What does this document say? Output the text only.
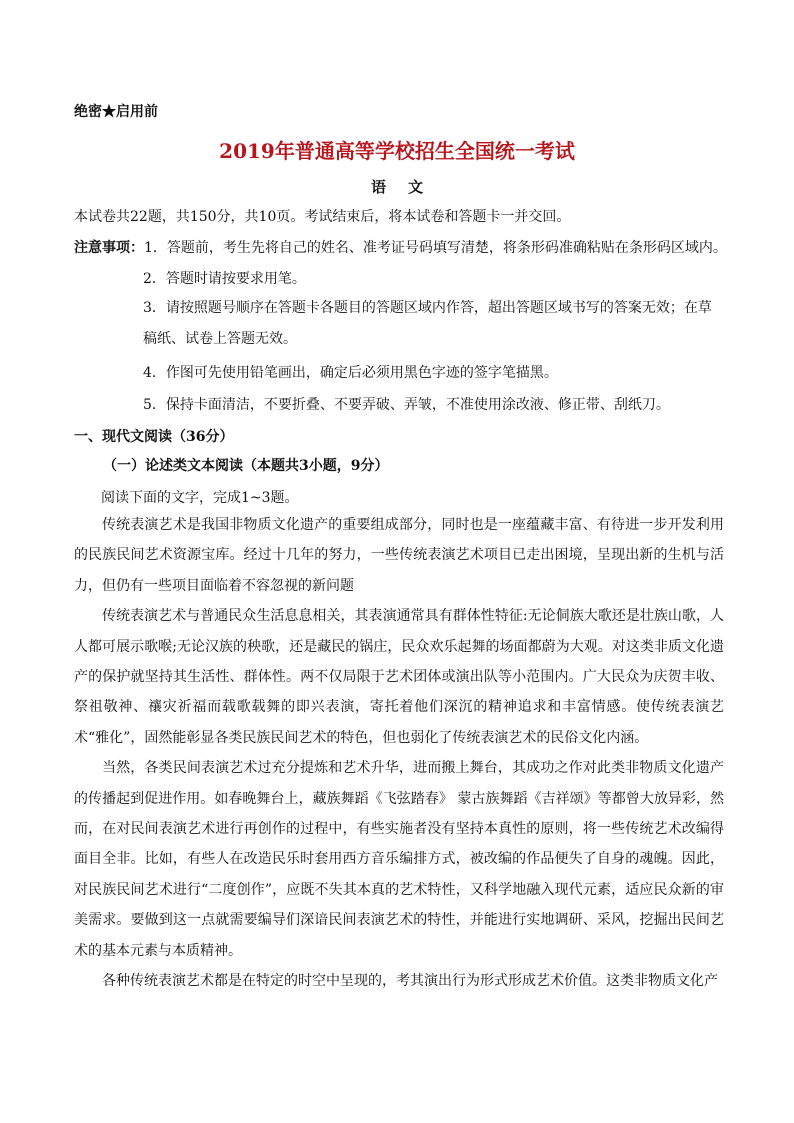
绝密★启用前

2019年普通高等学校招生全国统一考试
语文

本试卷共22题，共150分，共10页。考试结束后，将本试卷和答题卡一并交回。

注意事项：1．答题前，考生先将自己的姓名、准考证号码填写清楚，将条形码准确粘贴在条形码区域内。

2．答题时请按要求用笔。

3．请按照题号顺序在答题卡各题目的答题区域内作答，超出答题区域书写的答案无效；在草稿纸、试卷上答题无效。

4．作图可先使用铅笔画出，确定后必须用黑色字迹的签字笔描黑。

5．保持卡面清洁，不要折叠、不要弄破、弄皱，不准使用涂改液、修正带、刮纸刀。

一、现代文阅读（36分）
（一）论述类文本阅读（本题共3小题，9分）

阅读下面的文字，完成1~3题。

传统表演艺术是我国非物质文化遗产的重要组成部分，同时也是一座蕴藏丰富、有待进一步开发利用的民族民间艺术资源宝库。经过十几年的努力，一些传统表演艺术项目已走出困境，呈现出新的生机与活力，但仍有一些项目面临着不容忽视的新问题

传统表演艺术与普通民众生活息息相关，其表演通常具有群体性特征:无论侗族大歌还是壮族山歌，人人都可展示歌喉;无论汉族的秧歌，还是藏民的锅庄，民众欢乐起舞的场面都蔚为大观。对这类非质文化遗产的保护就坚持其生活性、群体性。两不仅局限于艺术团体或演出队等小范围内。广大民众为庆贺丰收、祭祖敬神、禳灾祈福而载歌载舞的即兴表演，寄托着他们深沉的精神追求和丰富情感。使传统表演艺术“雅化”，固然能彰显各类民族民间艺术的特色，但也弱化了传统表演艺术的民俗文化内涵。

当然，各类民间表演艺术过充分提炼和艺术升华，进而搬上舞台，其成功之作对此类非物质文化遗产的传播起到促进作用。如春晚舞台上，藏族舞蹈《飞弦踏春》 蒙古族舞蹈《吉祥颂》等都曾大放异彩，然而，在对民间表演艺术进行再创作的过程中，有些实施者没有坚持本真性的原则，将一些传统艺术改编得面目全非。比如，有些人在改造民乐时套用西方音乐编排方式，被改编的作品便失了自身的魂魄。因此，对民族民间艺术进行“二度创作”，应既不失其本真的艺术特性，又科学地融入现代元素，适应民众新的审美需求。要做到这一点就需要编导们深谙民间表演艺术的特性，并能进行实地调研、采风，挖掘出民间艺术的基本元素与本质精神。

各种传统表演艺术都是在特定的时空中呈现的，考其演出行为形式形成艺术价值。这类非物质文化产
